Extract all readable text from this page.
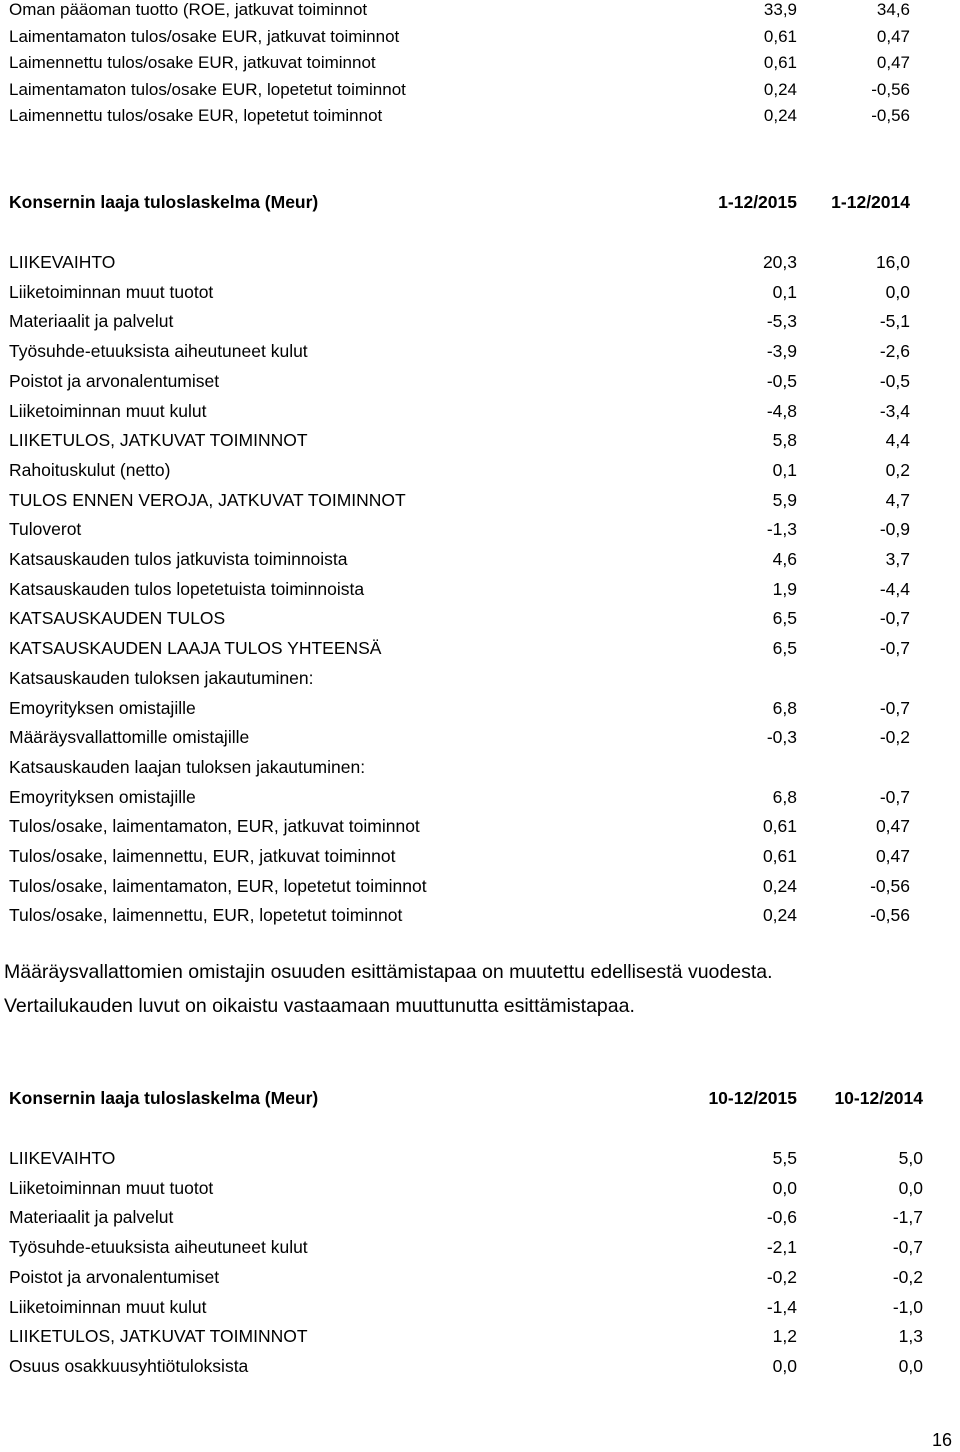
Oman pääoman tuotto (ROE, jatkuvat toiminnot	33,9	34,6
Laimentamaton tulos/osake EUR, jatkuvat toiminnot	0,61	0,47
Laimennettu tulos/osake EUR, jatkuvat toiminnot	0,61	0,47
Laimentamaton tulos/osake EUR, lopetetut toiminnot	0,24	-0,56
Laimennettu tulos/osake EUR, lopetetut toiminnot	0,24	-0,56
Konsernin laaja tuloslaskelma (Meur)	1-12/2015 1-12/2014
LIIKEVAIHTO	20,3	16,0
Liiketoiminnan muut tuotot	0,1	0,0
Materiaalit ja palvelut	-5,3	-5,1
Työsuhde-etuuksista aiheutuneet kulut	-3,9	-2,6
Poistot ja arvonalentumiset	-0,5	-0,5
Liiketoiminnan muut kulut	-4,8	-3,4
LIIKETULOS, JATKUVAT TOIMINNOT	5,8	4,4
Rahoituskulut (netto)	0,1	0,2
TULOS ENNEN VEROJA, JATKUVAT TOIMINNOT	5,9	4,7
Tuloverot	-1,3	-0,9
Katsauskauden tulos jatkuvista toiminnoista	4,6	3,7
Katsauskauden tulos lopetetuista toiminnoista	1,9	-4,4
KATSAUSKAUDEN TULOS	6,5	-0,7
KATSAUSKAUDEN LAAJA TULOS YHTEENSÄ	6,5	-0,7
Katsauskauden tuloksen jakautuminen:
Emoyrityksen omistajille	6,8	-0,7
Määräysvallattomille omistajille	-0,3	-0,2
Katsauskauden laajan tuloksen jakautuminen:
Emoyrityksen omistajille	6,8	-0,7
Tulos/osake, laimentamaton, EUR, jatkuvat toiminnot	0,61	0,47
Tulos/osake, laimennettu, EUR, jatkuvat toiminnot	0,61	0,47
Tulos/osake, laimentamaton, EUR, lopetetut toiminnot	0,24	-0,56
Tulos/osake, laimennettu, EUR, lopetetut toiminnot	0,24	-0,56
Määräysvallattomien omistajin osuuden esittämistapaa on muutettu edellisestä vuodesta.
Vertailukauden luvut on oikaistu vastaamaan muuttunutta esittämistapaa.
Konsernin laaja tuloslaskelma (Meur)	10-12/2015 10-12/2014
LIIKEVAIHTO	5,5	5,0
Liiketoiminnan muut tuotot	0,0	0,0
Materiaalit ja palvelut	-0,6	-1,7
Työsuhde-etuuksista aiheutuneet kulut	-2,1	-0,7
Poistot ja arvonalentumiset	-0,2	-0,2
Liiketoiminnan muut kulut	-1,4	-1,0
LIIKETULOS, JATKUVAT TOIMINNOT	1,2	1,3
Osuus osakkuusyhtiötuloksista	0,0	0,0
16
